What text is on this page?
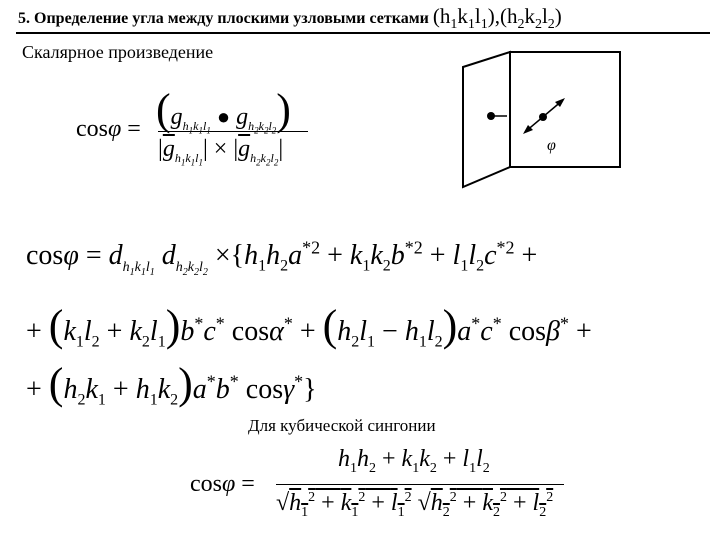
5. Определение угла между плоскими узловыми сетками $(h_1k_1l_1),(h_2k_2l_2)$
Скалярное произведение
$\cos\varphi = (g_{h_1k_1l_1}$ ● $g_{h_2k_2l_2}$)
$|\overline{g}_{h_1k_1l_1}| \times |\overline{g}_{h_2k_2l_2}|$	φ
$\cos\varphi = d_{h_1k_1l_1}$ $d_{h_2k_2l_2} \times\{h_1h_2a^{*2} + k_1k_2b^{*2} + l_1l_2c^{*2}$ +
+ $(k_1l_2 + k_2l_1)b^*c^*$ $\cos\alpha^* + (h_2l_1 - h_1l_2)a^*c^*$ cosβ* +
+ $(h_2k_1 + h_1k_2)a^*b^*$ cosγ*}
Для кубической сингонии
cosφ =
$h_1h_2 + k_1k_2 + l_1l_2$
$√h_1^2 + k_1^2 + l_1^2$ $√h_2^2 + k_2^2 + l_2^2$
